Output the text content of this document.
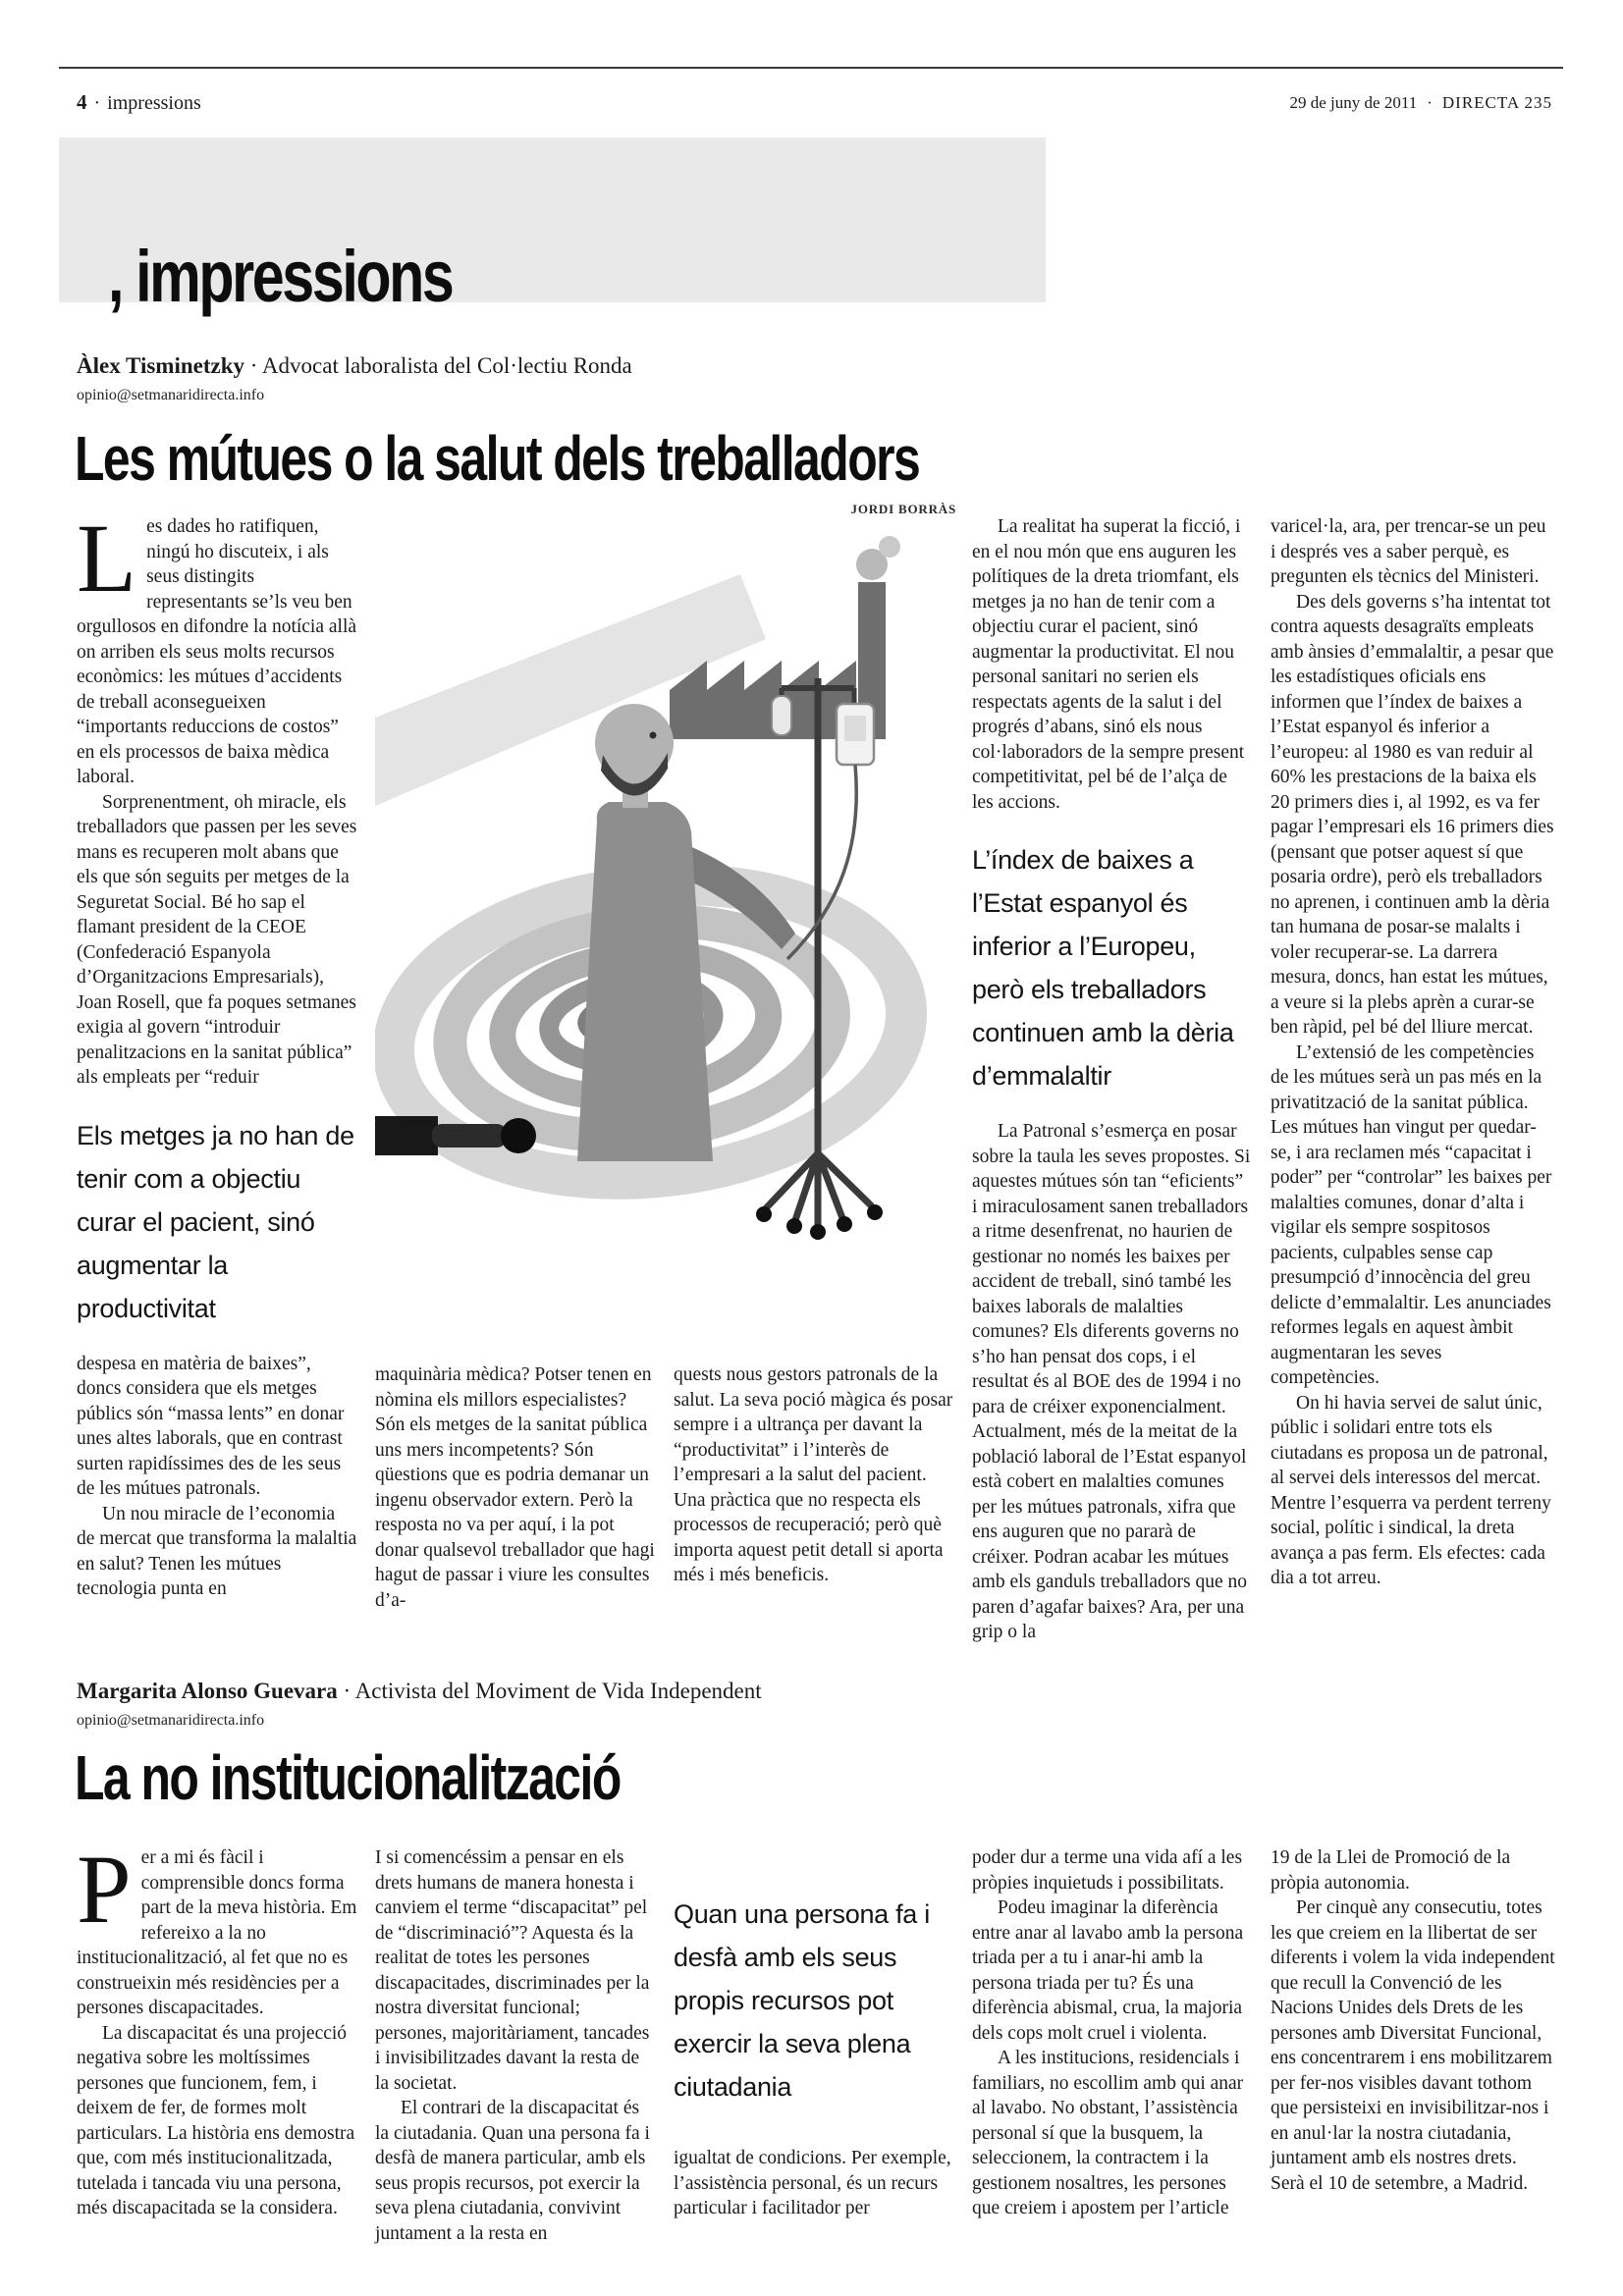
4 · impressions	29 de juny de 2011 · DIRECTA 235
, impressions
Àlex Tisminetzky · Advocat laboralista del Col·lectiu Ronda
opinio@setmanaridirecta.info
Les mútues o la salut dels treballadors
JORDI BORRÀS

Les dades ho ratifiquen, ningú ho discuteix, i als seus distingits representants se’ls veu ben orgullosos en difondre la notícia allà on arriben els seus molts recursos econòmics: les mútues d’accidents de treball aconsegueixen “importants reduccions de costos” en els processos de baixa mèdica laboral.

Sorprenentment, oh miracle, els treballadors que passen per les seves mans es recuperen molt abans que els que són seguits per metges de la Seguretat Social. Bé ho sap el flamant president de la CEOE (Confederació Espanyola d’Organitzacions Empresarials), Joan Rosell, que fa poques setmanes exigia al govern “introduir penalitzacions en la sanitat pública” als empleats per “reduir

Els metges ja no han de tenir com a objectiu curar el pacient, sinó augmentar la productivitat

despesa en matèria de baixes”, doncs considera que els metges públics són “massa lents” en donar unes altes laborals, que en contrast surten rapidíssimes des de les seus de les mútues patronals.

Un nou miracle de l’economia de mercat que transforma la malaltia en salut? Tenen les mútues tecnologia punta en

maquinària mèdica? Potser tenen en nòmina els millors especialistes? Són els metges de la sanitat pública uns mers incompetents? Són qüestions que es podria demanar un ingenu observador extern. Però la resposta no va per aquí, i la pot donar qualsevol treballador que hagi hagut de passar i viure les consultes d’a-

quests nous gestors patronals de la salut. La seva poció màgica és posar sempre i a ultrança per davant la “productivitat” i l’interès de l’empresari a la salut del pacient. Una pràctica que no respecta els processos de recuperació; però què importa aquest petit detall si aporta més i més beneficis.

La realitat ha superat la ficció, i en el nou món que ens auguren les polítiques de la dreta triomfant, els metges ja no han de tenir com a objectiu curar el pacient, sinó augmentar la productivitat. El nou personal sanitari no serien els respectats agents de la salut i del progrés d’abans, sinó els nous col·laboradors de la sempre present competitivitat, pel bé de l’alça de les accions.

L’índex de baixes a l’Estat espanyol és inferior a l’Europeu, però els treballadors continuen amb la dèria d’emmalaltir

La Patronal s’esmerça en posar sobre la taula les seves propostes. Si aquestes mútues són tan “eficients” i miraculosament sanen treballadors a ritme desenfrenat, no haurien de gestionar no només les baixes per accident de treball, sinó també les baixes laborals de malalties comunes? Els diferents governs no s’ho han pensat dos cops, i el resultat és al BOE des de 1994 i no para de créixer exponencialment. Actualment, més de la meitat de la població laboral de l’Estat espanyol està cobert en malalties comunes per les mútues patronals, xifra que ens auguren que no pararà de créixer. Podran acabar les mútues amb els ganduls treballadors que no paren d’agafar baixes? Ara, per una grip o la

varicel·la, ara, per trencar-se un peu i després ves a saber perquè, es pregunten els tècnics del Ministeri.

Des dels governs s’ha intentat tot contra aquests desagraïts empleats amb ànsies d’emmalaltir, a pesar que les estadístiques oficials ens informen que l’índex de baixes a l’Estat espanyol és inferior a l’europeu: al 1980 es van reduir al 60% les prestacions de la baixa els 20 primers dies i, al 1992, es va fer pagar l’empresari els 16 primers dies (pensant que potser aquest sí que posaria ordre), però els treballadors no aprenen, i continuen amb la dèria tan humana de posar-se malalts i voler recuperar-se. La darrera mesura, doncs, han estat les mútues, a veure si la plebs aprèn a curar-se ben ràpid, pel bé del lliure mercat.

L’extensió de les competències de les mútues serà un pas més en la privatització de la sanitat pública. Les mútues han vingut per quedar-se, i ara reclamen més “capacitat i poder” per “controlar” les baixes per malalties comunes, donar d’alta i vigilar els sempre sospitosos pacients, culpables sense cap presumpció d’innocència del greu delicte d’emmalaltir. Les anunciades reformes legals en aquest àmbit augmentaran les seves competències.

On hi havia servei de salut únic, públic i solidari entre tots els ciutadans es proposa un de patronal, al servei dels interessos del mercat. Mentre l’esquerra va perdent terreny social, polític i sindical, la dreta avança a pas ferm. Els efectes: cada dia a tot arreu.

Margarita Alonso Guevara · Activista del Moviment de Vida Independent
opinio@setmanaridirecta.info
La no institucionalització

Per a mi és fàcil i comprensible doncs forma part de la meva història. Em refereixo a la no institucionalització, al fet que no es construeixin més residències per a persones discapacitades.

La discapacitat és una projecció negativa sobre les moltíssimes persones que funcionem, fem, i deixem de fer, de formes molt particulars. La història ens demostra que, com més institucionalitzada, tutelada i tancada viu una persona, més discapacitada se la considera.

I si comencéssim a pensar en els drets humans de manera honesta i canviem el terme “discapacitat” pel de “discriminació”? Aquesta és la realitat de totes les persones discapacitades, discriminades per la nostra diversitat funcional; persones, majoritàriament, tancades i invisibilitzades davant la resta de la societat.

El contrari de la discapacitat és la ciutadania. Quan una persona fa i desfà de manera particular, amb els seus propis recursos, pot exercir la seva plena ciutadania, convivint juntament a la resta en

Quan una persona fa i desfà amb els seus propis recursos pot exercir la seva plena ciutadania

igualtat de condicions. Per exemple, l’assistència personal, és un recurs particular i facilitador per

poder dur a terme una vida afí a les pròpies inquietuds i possibilitats.

Podeu imaginar la diferència entre anar al lavabo amb la persona triada per a tu i anar-hi amb la persona triada per tu? És una diferència abismal, crua, la majoria dels cops molt cruel i violenta.

A les institucions, residencials i familiars, no escollim amb qui anar al lavabo. No obstant, l’assistència personal sí que la busquem, la seleccionem, la contractem i la gestionem nosaltres, les persones que creiem i apostem per l’article

19 de la Llei de Promoció de la pròpia autonomia.

Per cinquè any consecutiu, totes les que creiem en la llibertat de ser diferents i volem la vida independent que recull la Convenció de les Nacions Unides dels Drets de les persones amb Diversitat Funcional, ens concentrarem i ens mobilitzarem per fer-nos visibles davant tothom que persisteixi en invisibilitzar-nos i en anul·lar la nostra ciutadania, juntament amb els nostres drets. Serà el 10 de setembre, a Madrid.
